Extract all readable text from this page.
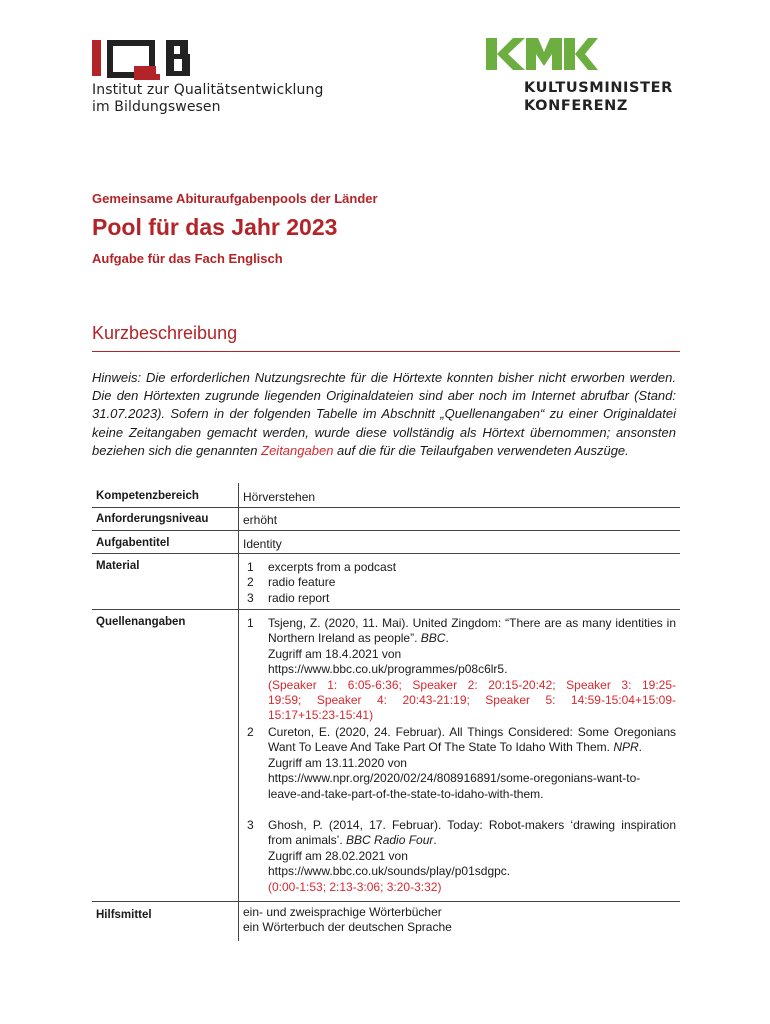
Institut zur Qualitätsentwicklung
im Bildungswesen
KULTUSMINISTER
KONFERENZ
Gemeinsame Abituraufgabenpools der Länder
Pool für das Jahr 2023
Aufgabe für das Fach Englisch
Kurzbeschreibung
Hinweis: Die erforderlichen Nutzungsrechte für die Hörtexte konnten bisher nicht erworben werden. Die den Hörtexten zugrunde liegenden Originaldateien sind aber noch im Internet abrufbar (Stand: 31.07.2023). Sofern in der folgenden Tabelle im Abschnitt „Quellenangaben“ zu einer Originaldatei keine Zeitangaben gemacht werden, wurde diese vollständig als Hörtext übernommen; ansonsten beziehen sich die genannten Zeitangaben auf die für die Teilaufgaben verwendeten Auszüge.
Kompetenzbereich	Hörverstehen
Anforderungsniveau	erhöht
Aufgabentitel	Identity
Material	1 excerpts from a podcast
2 radio feature
3 radio report
Quellenangaben	1 Tsjeng, Z. (2020, 11. Mai). United Zingdom: “There are as many identities in Northern Ireland as people”. BBC.
Zugriff am 18.4.2021 von
https://www.bbc.co.uk/programmes/p08c6lr5.
(Speaker 1: 6:05-6:36; Speaker 2: 20:15-20:42; Speaker 3: 19:25-
19:59; Speaker 4: 20:43-21:19; Speaker 5: 14:59-15:04+15:09-
15:17+15:23-15:41)
2 Cureton, E. (2020, 24. Februar). All Things Considered: Some Oregonians Want To Leave And Take Part Of The State To Idaho With Them. NPR.
Zugriff am 13.11.2020 von
https://www.npr.org/2020/02/24/808916891/some-oregonians-want-to-
leave-and-take-part-of-the-state-to-idaho-with-them.
3 Ghosh, P. (2014, 17. Februar). Today: Robot-makers ‘drawing inspiration from animals’. BBC Radio Four.
Zugriff am 28.02.2021 von
https://www.bbc.co.uk/sounds/play/p01sdgpc.
(0:00-1:53; 2:13-3:06; 3:20-3:32)
Hilfsmittel	ein- und zweisprachige Wörterbücher
ein Wörterbuch der deutschen Sprache
